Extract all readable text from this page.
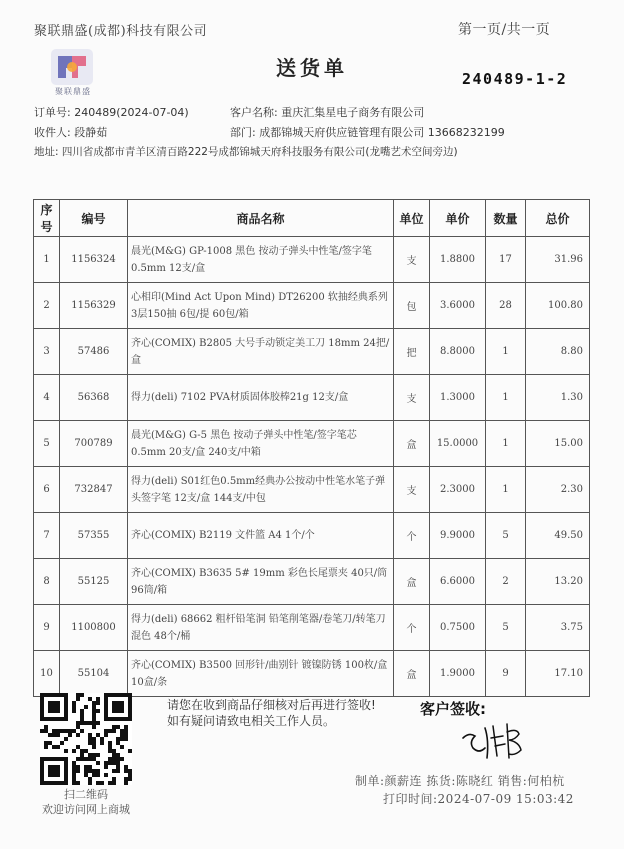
聚联鼎盛(成都)科技有限公司	第一页/共一页
送货单	240489-1-2
聚联鼎盛
订单号: 240489(2024-07-04)	客户名称: 重庆汇集星电子商务有限公司
收件人: 段静茹	部门: 成都锦城天府供应链管理有限公司 13668232199
地址: 四川省成都市青羊区清百路222号成都锦城天府科技服务有限公司(龙嘴艺术空间旁边)
序号	编号	商品名称	单位	单价	数量	总价
1	1156324	晨光(M&G) GP-1008 黑色 按动子弹头中性笔/签字笔0.5mm 12支/盒	支	1.8800	17	31.96
2	1156329	心相印(Mind Act Upon Mind) DT26200 软抽经典系列 3层150抽 6包/提 60包/箱	包	3.6000	28	100.80
3	57486	齐心(COMIX) B2805 大号手动锁定美工刀 18mm 24把/盒	把	8.8000	1	8.80
4	56368	得力(deli) 7102 PVA材质固体胶棒21g 12支/盒	支	1.3000	1	1.30
5	700789	晨光(M&G) G-5 黑色 按动子弹头中性笔/签字笔芯0.5mm 20支/盒 240支/中箱	盒	15.0000	1	15.00
6	732847	得力(deli) S01红色0.5mm经典办公按动中性笔水笔子弹头签字笔 12支/盒 144支/中包	支	2.3000	1	2.30
7	57355	齐心(COMIX) B2119 文件篮 A4 1个/个	个	9.9000	5	49.50
8	55125	齐心(COMIX) B3635 5# 19mm 彩色长尾票夹 40只/筒 96筒/箱	盒	6.6000	2	13.20
9	1100800	得力(deli) 68662 粗杆铅笔洞 铅笔削笔器/卷笔刀/转笔刀 混色 48个/桶	个	0.7500	5	3.75
10	55104	齐心(COMIX) B3500 回形针/曲别针 镀镍防锈 100枚/盒 10盒/条	盒	1.9000	9	17.10
扫二维码
欢迎访问网上商城
请您在收到商品仔细核对后再进行签收!如有疑问请致电相关工作人员。
客户签收:
制单:颜薪连 拣货:陈晓红 销售:何柏杭
打印时间:2024-07-09 15:03:42
